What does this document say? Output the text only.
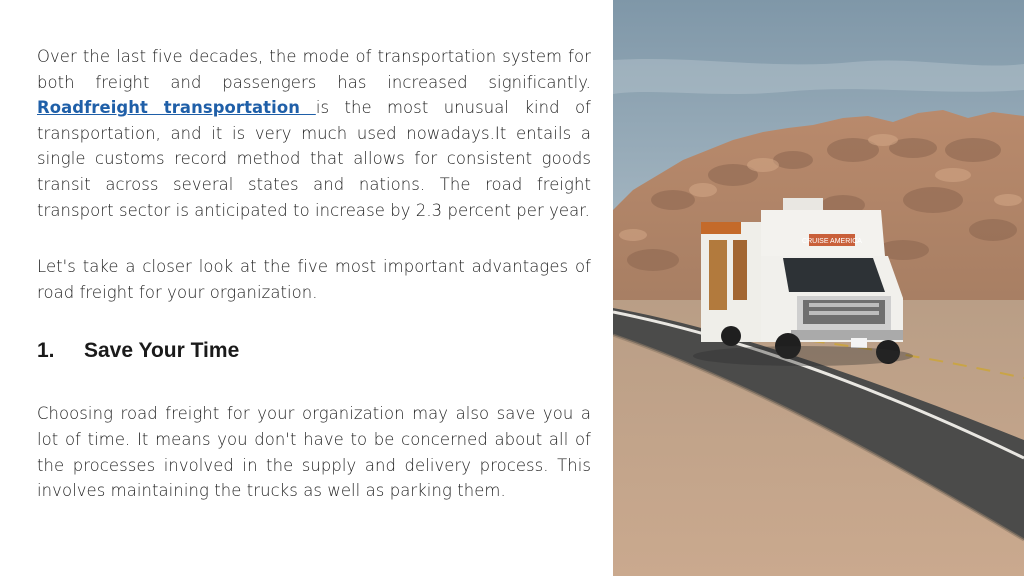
Over the last five decades, the mode of transportation system for both freight and passengers has increased significantly. Roadfreight transportation is the most unusual kind of transportation, and it is very much used nowadays.It entails a single customs record method that allows for consistent goods transit across several states and nations. The road freight transport sector is anticipated to increase by 2.3 percent per year.

Let's take a closer look at the five most important advantages of road freight for your organization.

1.	Save Your Time

Choosing road freight for your organization may also save you a lot of time. It means you don't have to be concerned about all of the processes involved in the supply and delivery process. This involves maintaining the trucks as well as parking them.

CRUISE AMERICA
